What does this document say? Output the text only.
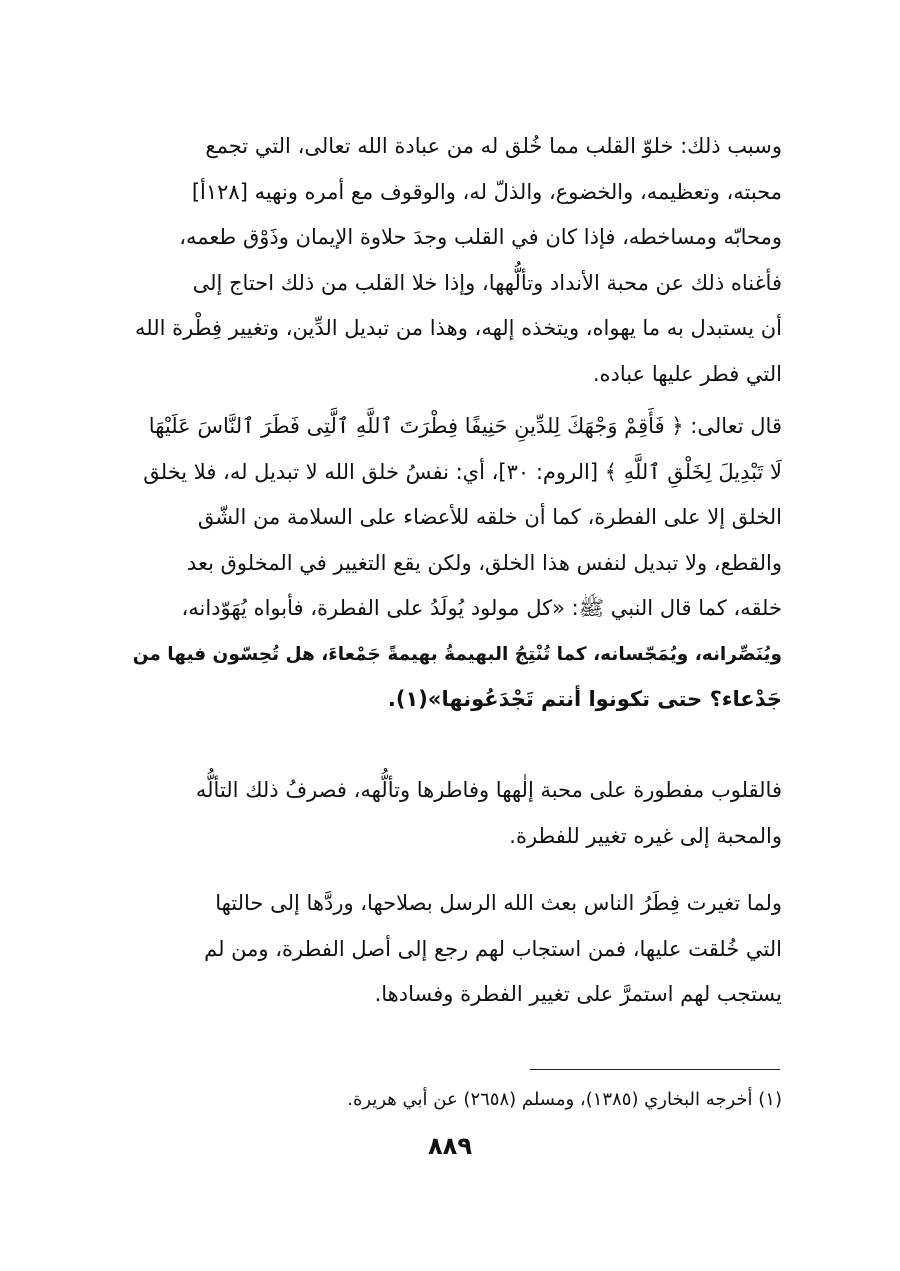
وسبب ذلك: خلوّ القلب مما خُلق له من عبادة الله تعالى، التي تجمع
محبته، وتعظيمه، والخضوع، والذلّ له، والوقوف مع أمره ونهيه [١٢٨أ]
ومحابّه ومساخطه، فإذا كان في القلب وجدَ حلاوة الإيمان وذَوْق طعمه،
فأغناه ذلك عن محبة الأنداد وتألُّهها، وإذا خلا القلب من ذلك احتاج إلى
أن يستبدل به ما يهواه، ويتخذه إلهه، وهذا من تبديل الدِّين، وتغيير فِطْرة الله
التي فطر عليها عباده.
قال تعالى: ﴿ فَأَقِمْ وَجْهَكَ لِلدِّينِ حَنِيفًا فِطْرَتَ ٱللَّهِ ٱلَّتِى فَطَرَ ٱلنَّاسَ عَلَيْهَا
لَا تَبْدِيلَ لِخَلْقِ ٱللَّهِ ﴾ [الروم: ٣٠]، أي: نفسُ خلق الله لا تبديل له، فلا يخلق
الخلق إلا على الفطرة، كما أن خلقه للأعضاء على السلامة من الشّق
والقطع، ولا تبديل لنفس هذا الخلق، ولكن يقع التغيير في المخلوق بعد
خلقه، كما قال النبي ﷺ: «كل مولود يُولَدُ على الفطرة، فأبواه يُهَوّدانه،
ويُنَصِّرانه، ويُمَجّسانه، كما تُنْتِجُ البهيمةُ بهيمةً جَمْعاءَ، هل تُحِسّون فيها من
جَدْعاء؟ حتى تكونوا أنتم تَجْدَعُونها»(١).
فالقلوب مفطورة على محبة إلٰهها وفاطرها وتألُّهه، فصرفُ ذلك التألُّه
والمحبة إلى غيره تغيير للفطرة.
ولما تغيرت فِطَرُ الناس بعث الله الرسل بصلاحها، وردَّها إلى حالتها
التي خُلقت عليها، فمن استجاب لهم رجع إلى أصل الفطرة، ومن لم
يستجب لهم استمرَّ على تغيير الفطرة وفسادها.
(١) أخرجه البخاري (١٣٨٥)، ومسلم (٢٦٥٨) عن أبي هريرة.
٨٨٩
